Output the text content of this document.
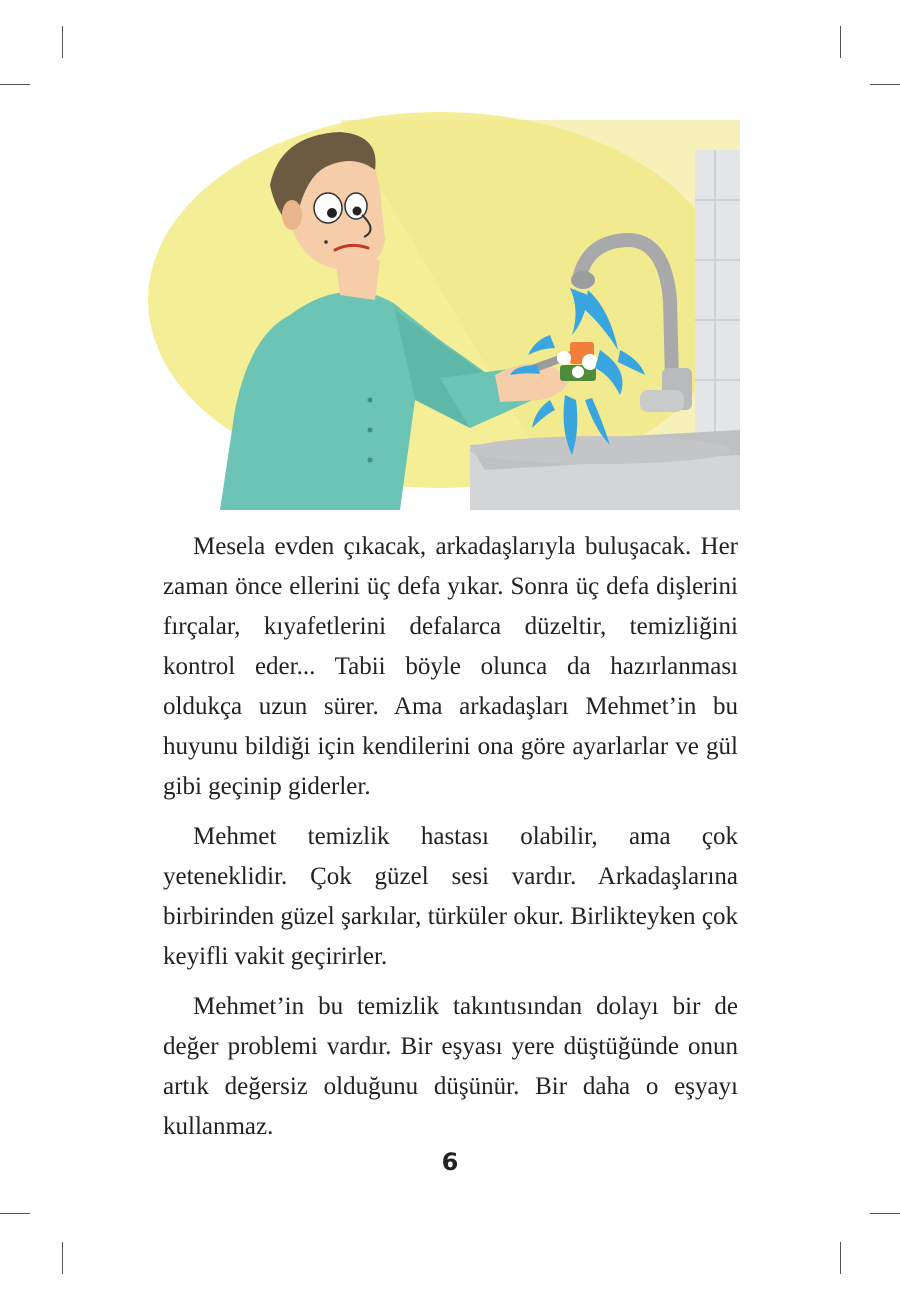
Mesela evden çıkacak, arkadaşlarıyla buluşacak. Her zaman önce ellerini üç defa yıkar. Sonra üç defa dişlerini fırçalar, kıyafetlerini defalarca düzeltir, temizliğini kontrol eder... Tabii böyle olunca da hazırlanması oldukça uzun sürer. Ama arkadaşları Mehmet’in bu huyunu bildiği için kendilerini ona göre ayarlarlar ve gül gibi geçinip giderler.

Mehmet temizlik hastası olabilir, ama çok yeteneklidir. Çok güzel sesi vardır. Arkadaşlarına birbirinden güzel şarkılar, türküler okur. Birlikteyken çok keyifli vakit geçirirler.

Mehmet’in bu temizlik takıntısından dolayı bir de değer problemi vardır. Bir eşyası yere düştüğünde onun artık değersiz olduğunu düşünür. Bir daha o eşyayı kullanmaz.

6
